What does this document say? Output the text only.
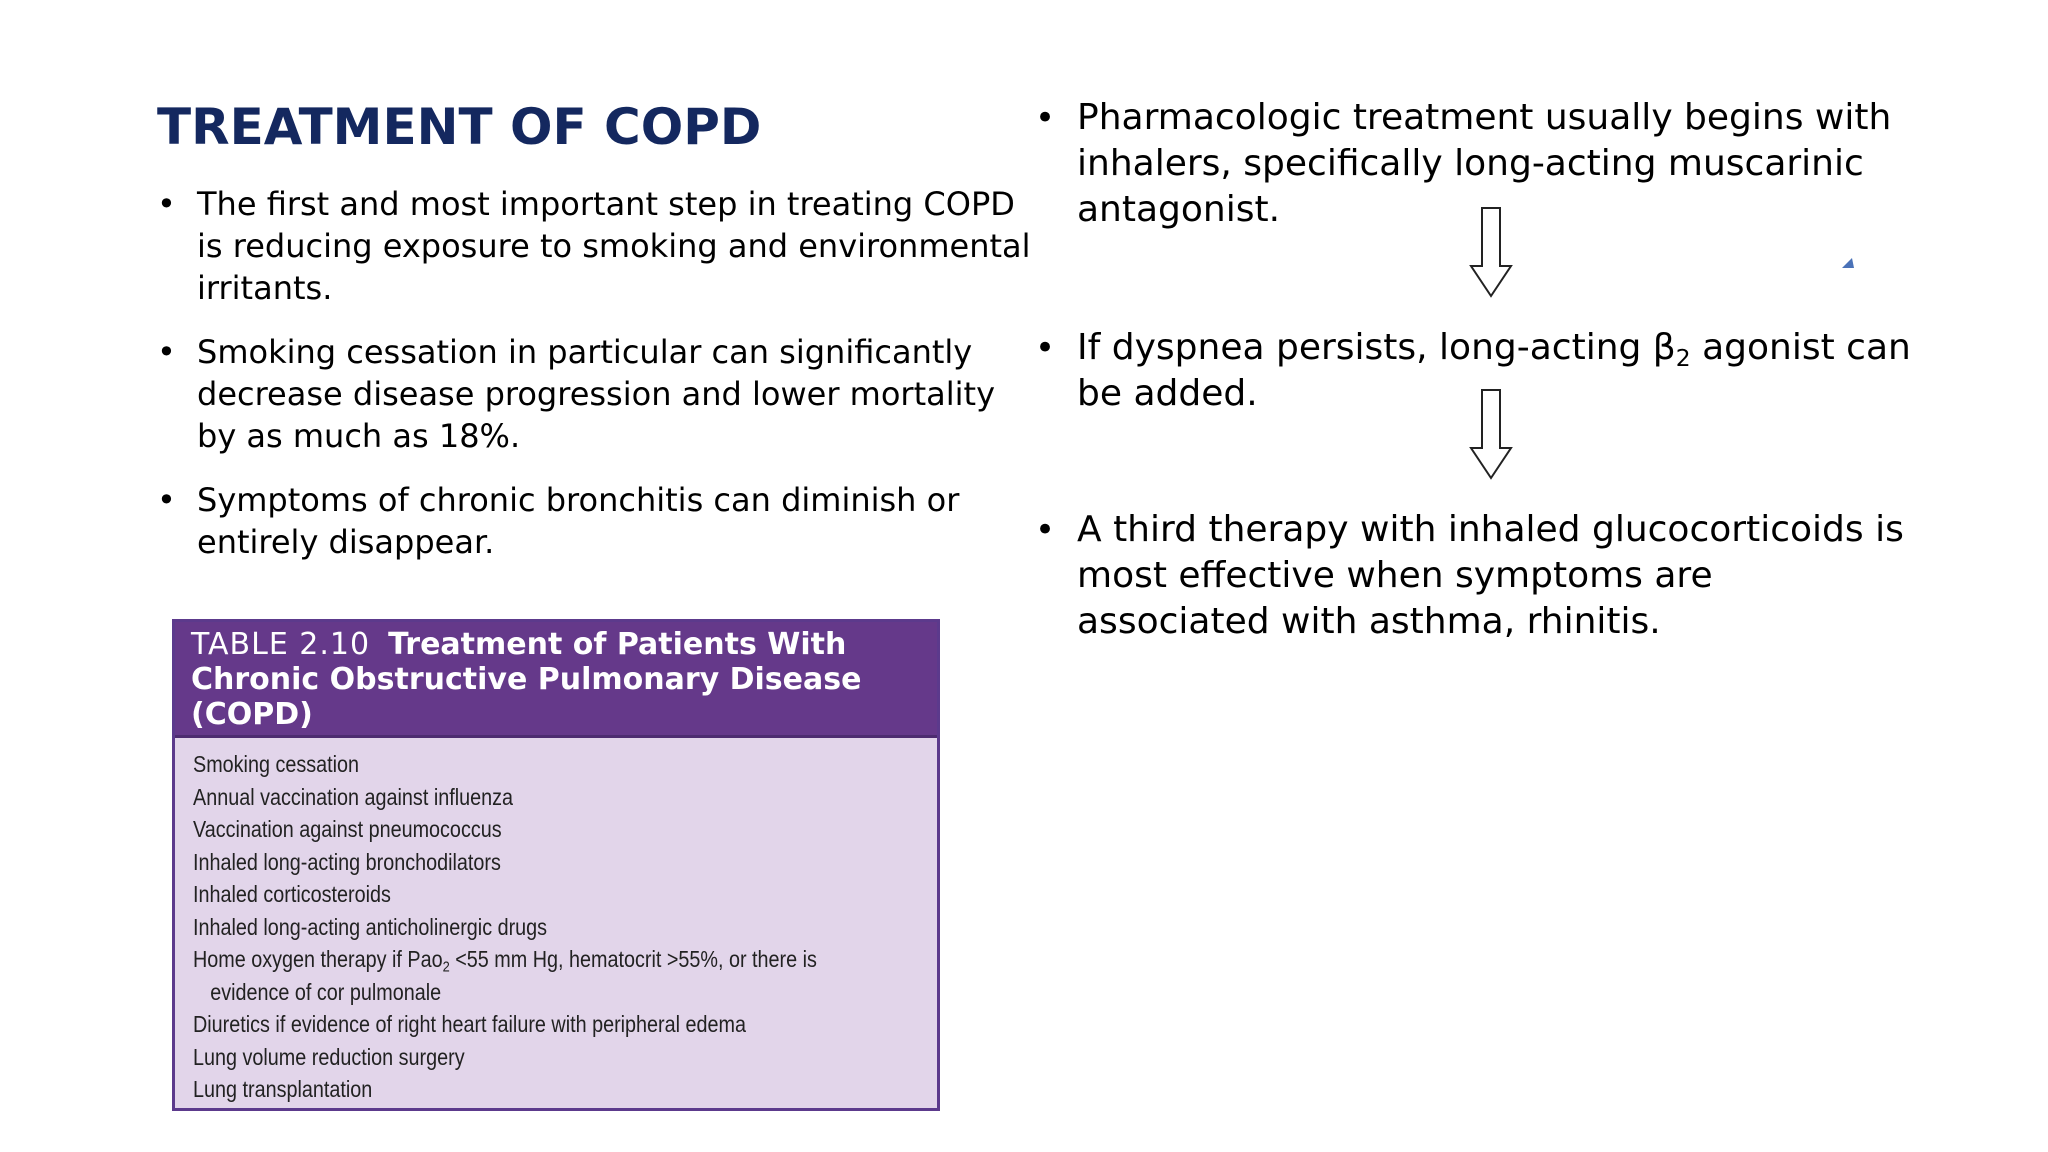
TREATMENT OF COPD
• The first and most important step in treating COPD is reducing exposure to smoking and environmental irritants.
• Smoking cessation in particular can significantly decrease disease progression and lower mortality by as much as 18%.
• Symptoms of chronic bronchitis can diminish or entirely disappear.
• Pharmacologic treatment usually begins with inhalers, specifically long-acting muscarinic antagonist.
• If dyspnea persists, long-acting $\beta_2$ agonist can be added.
• A third therapy with inhaled glucocorticoids is most effective when symptoms are associated with asthma, rhinitis.
TABLE 2.10 Treatment of Patients With
Chronic Obstructive Pulmonary Disease
(COPD)
Smoking cessation
Annual vaccination against influenza
Vaccination against pneumococcus
Inhaled long-acting bronchodilators
Inhaled corticosteroids
Inhaled long-acting anticholinergic drugs
Home oxygen therapy if Pao$_2$ <55 mm Hg, hematocrit >55%, or there is
evidence of cor pulmonale
Diuretics if evidence of right heart failure with peripheral edema
Lung volume reduction surgery
Lung transplantation
